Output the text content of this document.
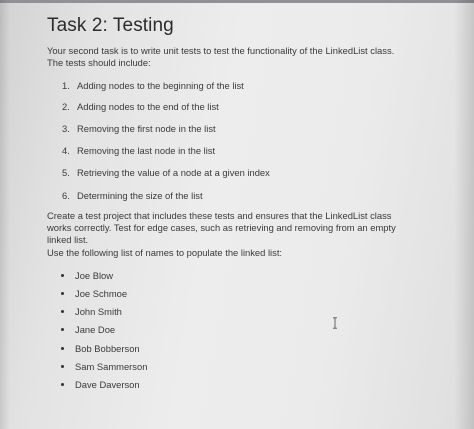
Task 2: Testing

Your second task is to write unit tests to test the functionality of the LinkedList class. The tests should include:

1. Adding nodes to the beginning of the list
2. Adding nodes to the end of the list
3. Removing the first node in the list
4. Removing the last node in the list
5. Retrieving the value of a node at a given index
6. Determining the size of the list

Create a test project that includes these tests and ensures that the LinkedList class works correctly. Test for edge cases, such as retrieving and removing from an empty linked list.

Use the following list of names to populate the linked list:

Joe Blow
Joe Schmoe
John Smith
Jane Doe
Bob Bobberson
Sam Sammerson
Dave Daverson
